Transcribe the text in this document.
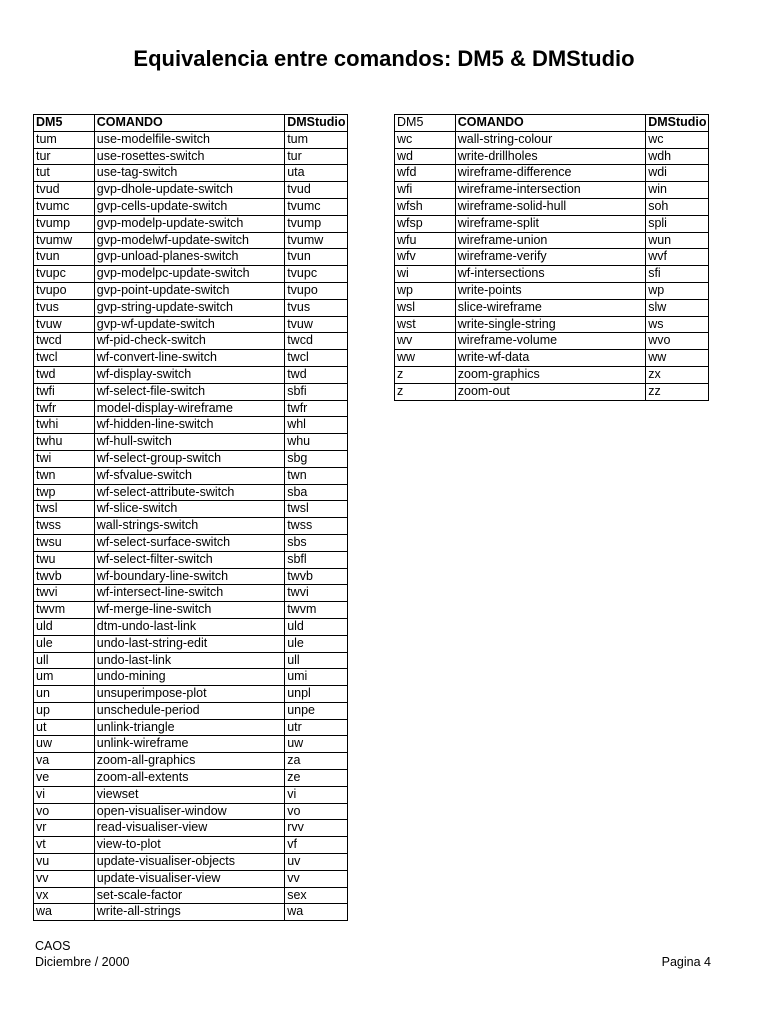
Equivalencia entre comandos: DM5 & DMStudio
DM5	COMANDO	DMStudio
tum	use-modelfile-switch	tum
tur	use-rosettes-switch	tur
tut	use-tag-switch	uta
tvud	gvp-dhole-update-switch	tvud
tvumc	gvp-cells-update-switch	tvumc
tvump	gvp-modelp-update-switch	tvump
tvumw	gvp-modelwf-update-switch	tvumw
tvun	gvp-unload-planes-switch	tvun
tvupc	gvp-modelpc-update-switch	tvupc
tvupo	gvp-point-update-switch	tvupo
tvus	gvp-string-update-switch	tvus
tvuw	gvp-wf-update-switch	tvuw
twcd	wf-pid-check-switch	twcd
twcl	wf-convert-line-switch	twcl
twd	wf-display-switch	twd
twfi	wf-select-file-switch	sbfi
twfr	model-display-wireframe	twfr
twhi	wf-hidden-line-switch	whl
twhu	wf-hull-switch	whu
twi	wf-select-group-switch	sbg
twn	wf-sfvalue-switch	twn
twp	wf-select-attribute-switch	sba
twsl	wf-slice-switch	twsl
twss	wall-strings-switch	twss
twsu	wf-select-surface-switch	sbs
twu	wf-select-filter-switch	sbfl
twvb	wf-boundary-line-switch	twvb
twvi	wf-intersect-line-switch	twvi
twvm	wf-merge-line-switch	twvm
uld	dtm-undo-last-link	uld
ule	undo-last-string-edit	ule
ull	undo-last-link	ull
um	undo-mining	umi
un	unsuperimpose-plot	unpl
up	unschedule-period	unpe
ut	unlink-triangle	utr
uw	unlink-wireframe	uw
va	zoom-all-graphics	za
ve	zoom-all-extents	ze
vi	viewset	vi
vo	open-visualiser-window	vo
vr	read-visualiser-view	rvv
vt	view-to-plot	vf
vu	update-visualiser-objects	uv
vv	update-visualiser-view	vv
vx	set-scale-factor	sex
wa	write-all-strings	wa
DM5	COMANDO	DMStudio
wc	wall-string-colour	wc
wd	write-drillholes	wdh
wfd	wireframe-difference	wdi
wfi	wireframe-intersection	win
wfsh	wireframe-solid-hull	soh
wfsp	wireframe-split	spli
wfu	wireframe-union	wun
wfv	wireframe-verify	wvf
wi	wf-intersections	sfi
wp	write-points	wp
wsl	slice-wireframe	slw
wst	write-single-string	ws
wv	wireframe-volume	wvo
ww	write-wf-data	ww
z	zoom-graphics	zx
z	zoom-out	zz
CAOS
Diciembre / 2000	Pagina 4
